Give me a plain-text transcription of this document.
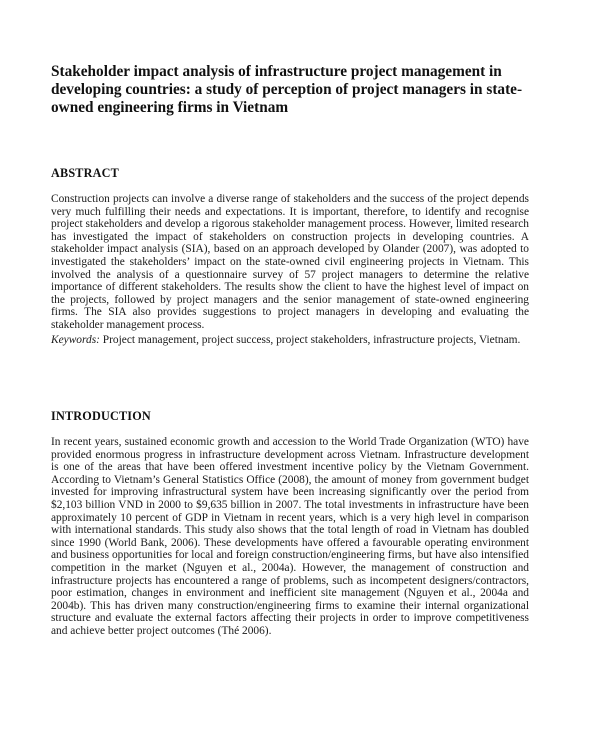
Stakeholder impact analysis of infrastructure project management in developing countries: a study of perception of project managers in state-owned engineering firms in Vietnam
ABSTRACT

Construction projects can involve a diverse range of stakeholders and the success of the project depends very much fulfilling their needs and expectations. It is important, therefore, to identify and recognise project stakeholders and develop a rigorous stakeholder management process. However, limited research has investigated the impact of stakeholders on construction projects in developing countries. A stakeholder impact analysis (SIA), based on an approach developed by Olander (2007), was adopted to investigated the stakeholders’ impact on the state-owned civil engineering projects in Vietnam. This involved the analysis of a questionnaire survey of 57 project managers to determine the relative importance of different stakeholders. The results show the client to have the highest level of impact on the projects, followed by project managers and the senior management of state-owned engineering firms. The SIA also provides suggestions to project managers in developing and evaluating the stakeholder management process.

Keywords: Project management, project success, project stakeholders, infrastructure projects, Vietnam.

INTRODUCTION

In recent years, sustained economic growth and accession to the World Trade Organization (WTO) have provided enormous progress in infrastructure development across Vietnam. Infrastructure development is one of the areas that have been offered investment incentive policy by the Vietnam Government. According to Vietnam’s General Statistics Office (2008), the amount of money from government budget invested for improving infrastructural system have been increasing significantly over the period from $2,103 billion VND in 2000 to $9,635 billion in 2007. The total investments in infrastructure have been approximately 10 percent of GDP in Vietnam in recent years, which is a very high level in comparison with international standards. This study also shows that the total length of road in Vietnam has doubled since 1990 (World Bank, 2006). These developments have offered a favourable operating environment and business opportunities for local and foreign construction/engineering firms, but have also intensified competition in the market (Nguyen et al., 2004a). However, the management of construction and infrastructure projects has encountered a range of problems, such as incompetent designers/contractors, poor estimation, changes in environment and inefficient site management (Nguyen et al., 2004a and 2004b). This has driven many construction/engineering firms to examine their internal organizational structure and evaluate the external factors affecting their projects in order to improve competitiveness and achieve better project outcomes (Thé 2006).
